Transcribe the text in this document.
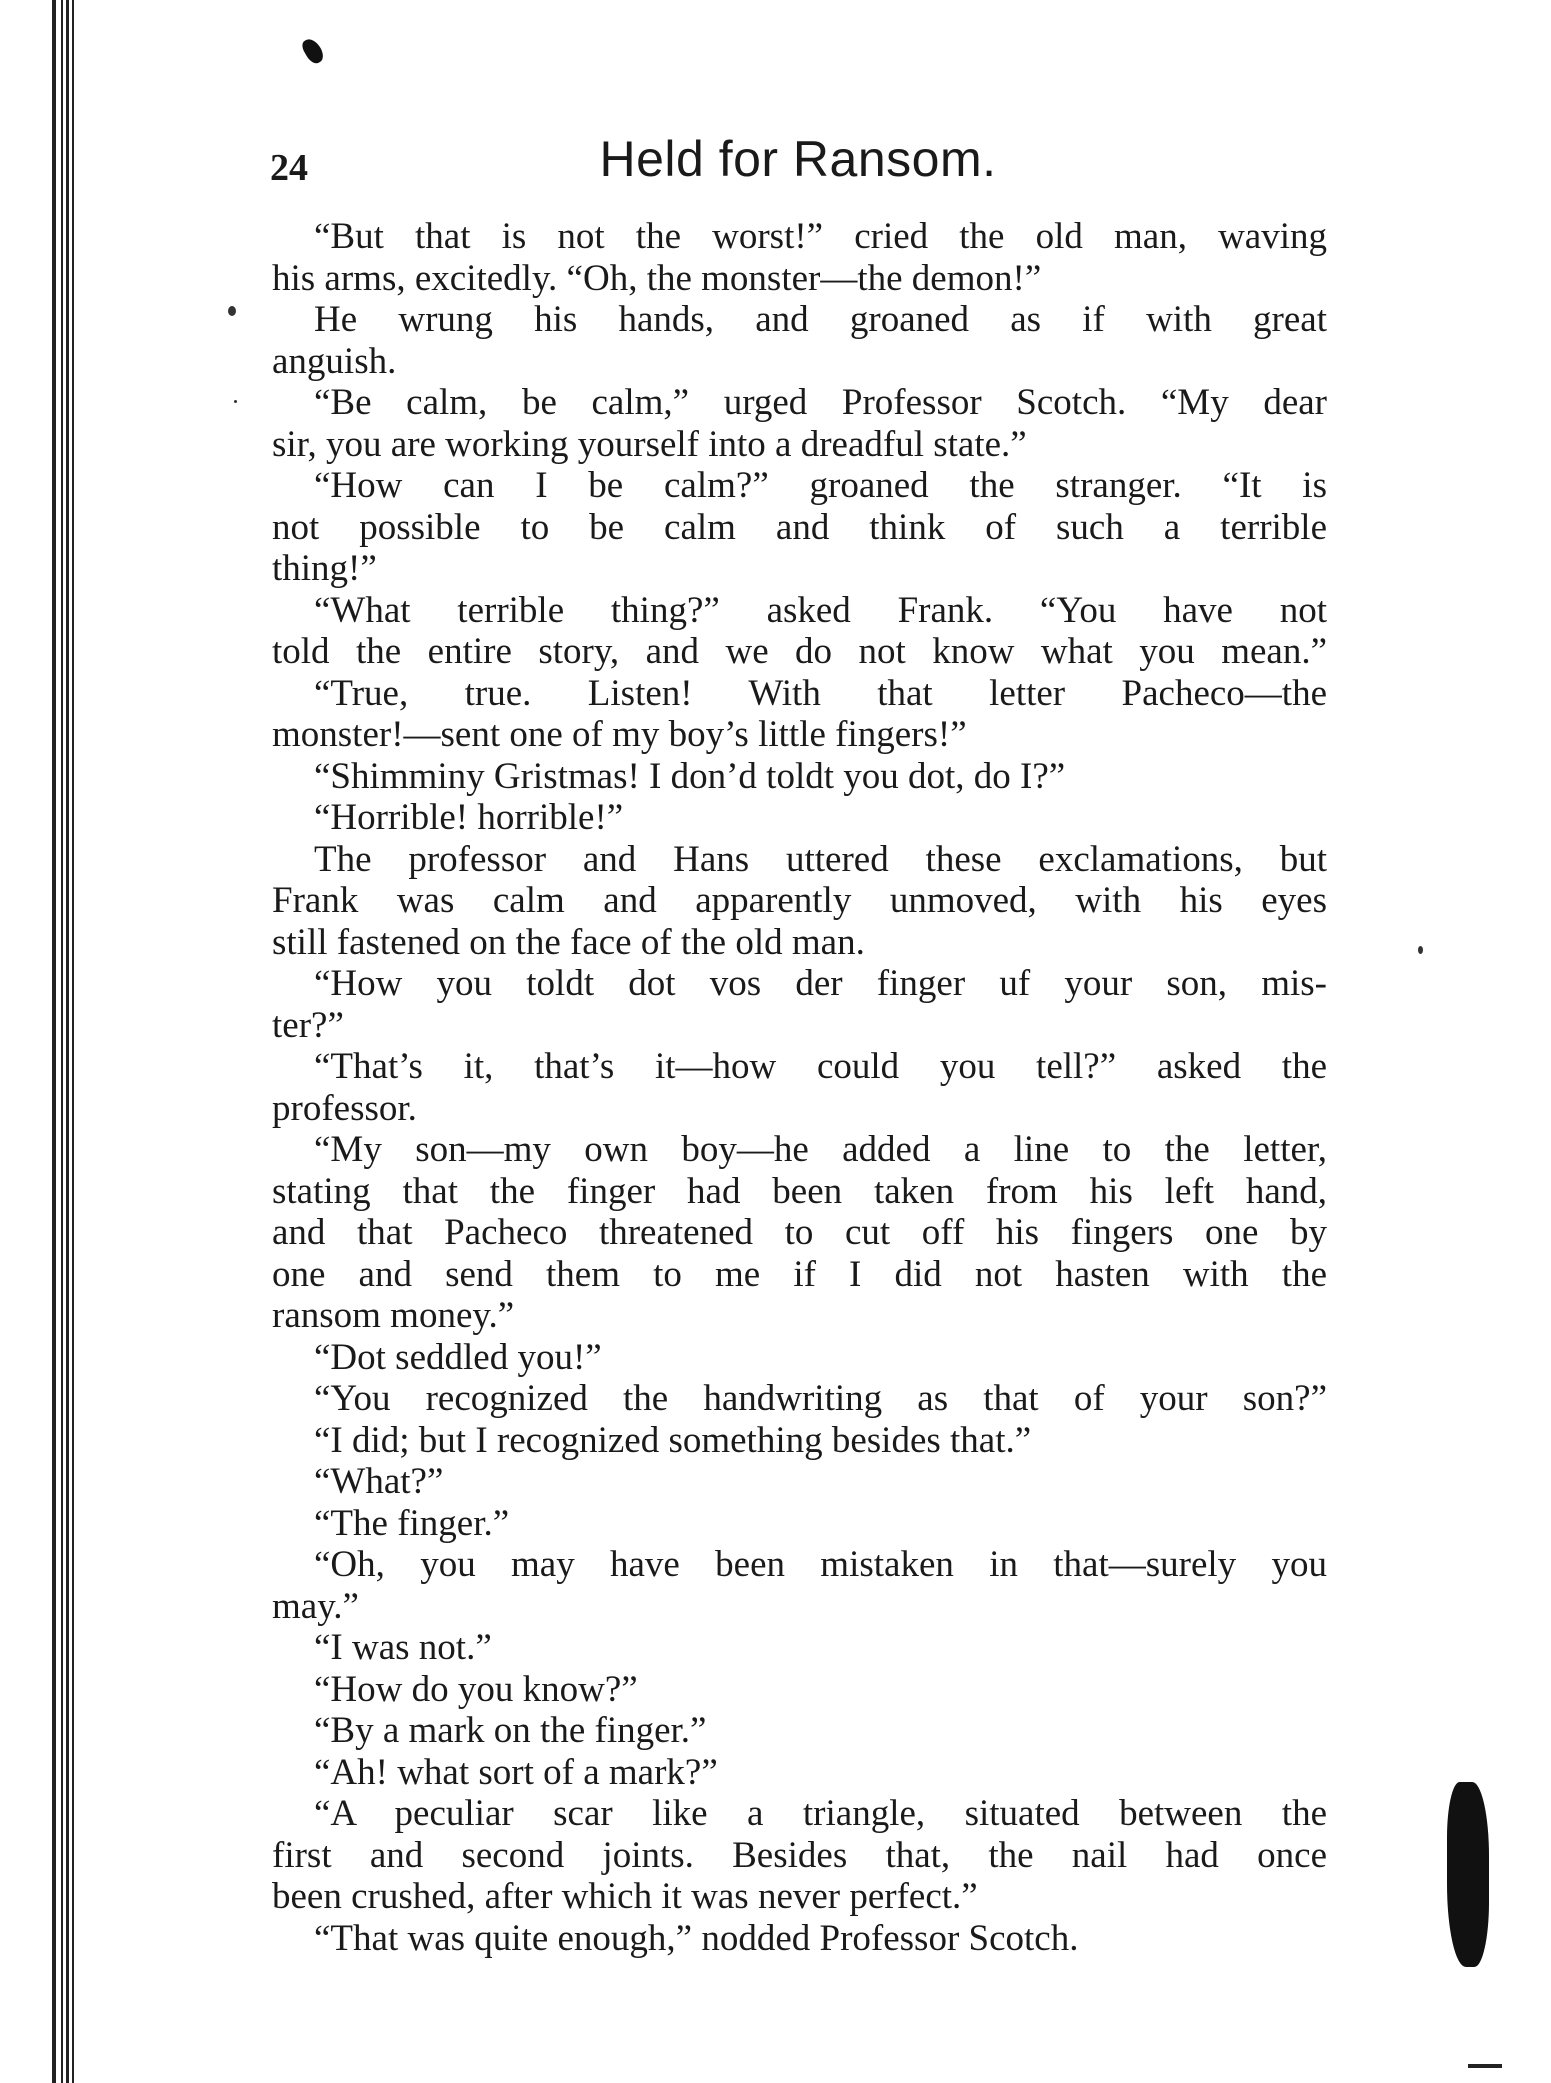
24	Held for Ransom.
“But that is not the worst!” cried the old man, waving
his arms, excitedly. “Oh, the monster—the demon!”
He wrung his hands, and groaned as if with great
anguish.
“Be calm, be calm,” urged Professor Scotch. “My dear
sir, you are working yourself into a dreadful state.”
“How can I be calm?” groaned the stranger. “It is
not possible to be calm and think of such a terrible
thing!”
“What terrible thing?” asked Frank. “You have not
told the entire story, and we do not know what you mean.”
“True, true. Listen! With that letter Pacheco—the
monster!—sent one of my boy’s little fingers!”
“Shimminy Gristmas! I don’d toldt you dot, do I?”
“Horrible! horrible!”
The professor and Hans uttered these exclamations, but
Frank was calm and apparently unmoved, with his eyes
still fastened on the face of the old man.
“How you toldt dot vos der finger uf your son, mis-
ter?”
“That’s it, that’s it—how could you tell?” asked the
professor.
“My son—my own boy—he added a line to the letter,
stating that the finger had been taken from his left hand,
and that Pacheco threatened to cut off his fingers one by
one and send them to me if I did not hasten with the
ransom money.”
“Dot seddled you!”
“You recognized the handwriting as that of your son?”
“I did; but I recognized something besides that.”
“What?”
“The finger.”
“Oh, you may have been mistaken in that—surely you
may.”
“I was not.”
“How do you know?”
“By a mark on the finger.”
“Ah! what sort of a mark?”
“A peculiar scar like a triangle, situated between the
first and second joints. Besides that, the nail had once
been crushed, after which it was never perfect.”
“That was quite enough,” nodded Professor Scotch.
